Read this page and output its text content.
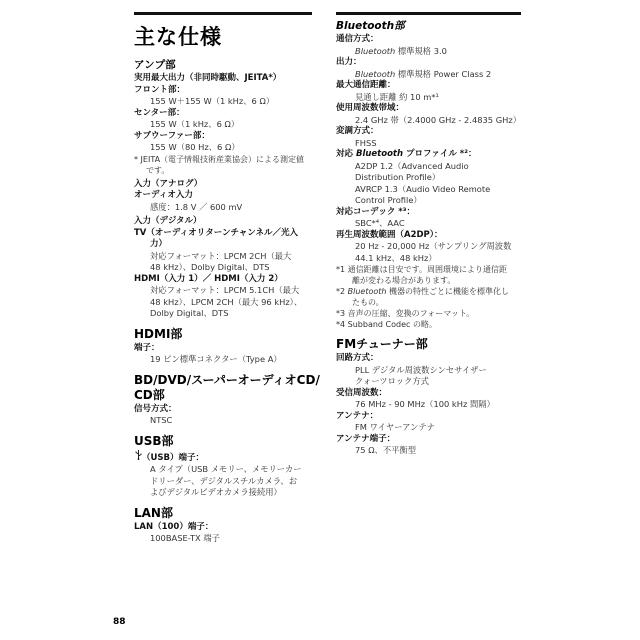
主な仕様
アンプ部
実用最大出力（非同時駆動、JEITA*）
フロント部：
155 W＋155 W（1 kHz、6 Ω）
センター部：
155 W（1 kHz、6 Ω）
サブウーファー部：
155 W（80 Hz、6 Ω）
* JEITA（電子情報技術産業協会）による測定値
です。
入力（アナログ）
オーディオ入力
感度：1.8 V ／ 600 mV
入力（デジタル）
TV（オーディオリターンチャンネル／光入
力）
対応フォーマット：LPCM 2CH（最大
48 kHz）、Dolby Digital、DTS
HDMI（入力 1）／ HDMI（入力 2）
対応フォーマット：LPCM 5.1CH（最大
48 kHz）、LPCM 2CH（最大 96 kHz）、
Dolby Digital、DTS
HDMI部
端子：
19 ピン標準コネクター（Type A）
BD/DVD/スーパーオーディオCD/
CD部
信号方式：
NTSC
USB部
（USB）端子：
A タイプ（USB メモリー、メモリーカー
ドリーダー、デジタルスチルカメラ、お
よびデジタルビデオカメラ接続用）
LAN部
LAN（100）端子：
100BASE-TX 端子
Bluetooth部
通信方式：
Bluetooth 標準規格 3.0
出力：
Bluetooth 標準規格 Power Class 2
最大通信距離：
見通し距離 約 10 m*¹
使用周波数帯域：
2.4 GHz 帯（2.4000 GHz - 2.4835 GHz）
変調方式：
FHSS
対応 Bluetooth プロファイル *²：
A2DP 1.2（Advanced Audio
Distribution Profile）
AVRCP 1.3（Audio Video Remote
Control Profile）
対応コーデック *³：
SBC*⁴、AAC
再生周波数範囲（A2DP）：
20 Hz - 20,000 Hz（サンプリング周波数
44.1 kHz、48 kHz）
*1 通信距離は目安です。周囲環境により通信距
離が変わる場合があります。
*2 Bluetooth 機器の特性ごとに機能を標準化し
たもの。
*3 音声の圧縮、変換のフォーマット。
*4 Subband Codec の略。
FMチューナー部
回路方式：
PLL デジタル周波数シンセサイザー
クォーツロック方式
受信周波数：
76 MHz - 90 MHz（100 kHz 間隔）
アンテナ：
FM ワイヤーアンテナ
アンテナ端子：
75 Ω、不平衡型
88
